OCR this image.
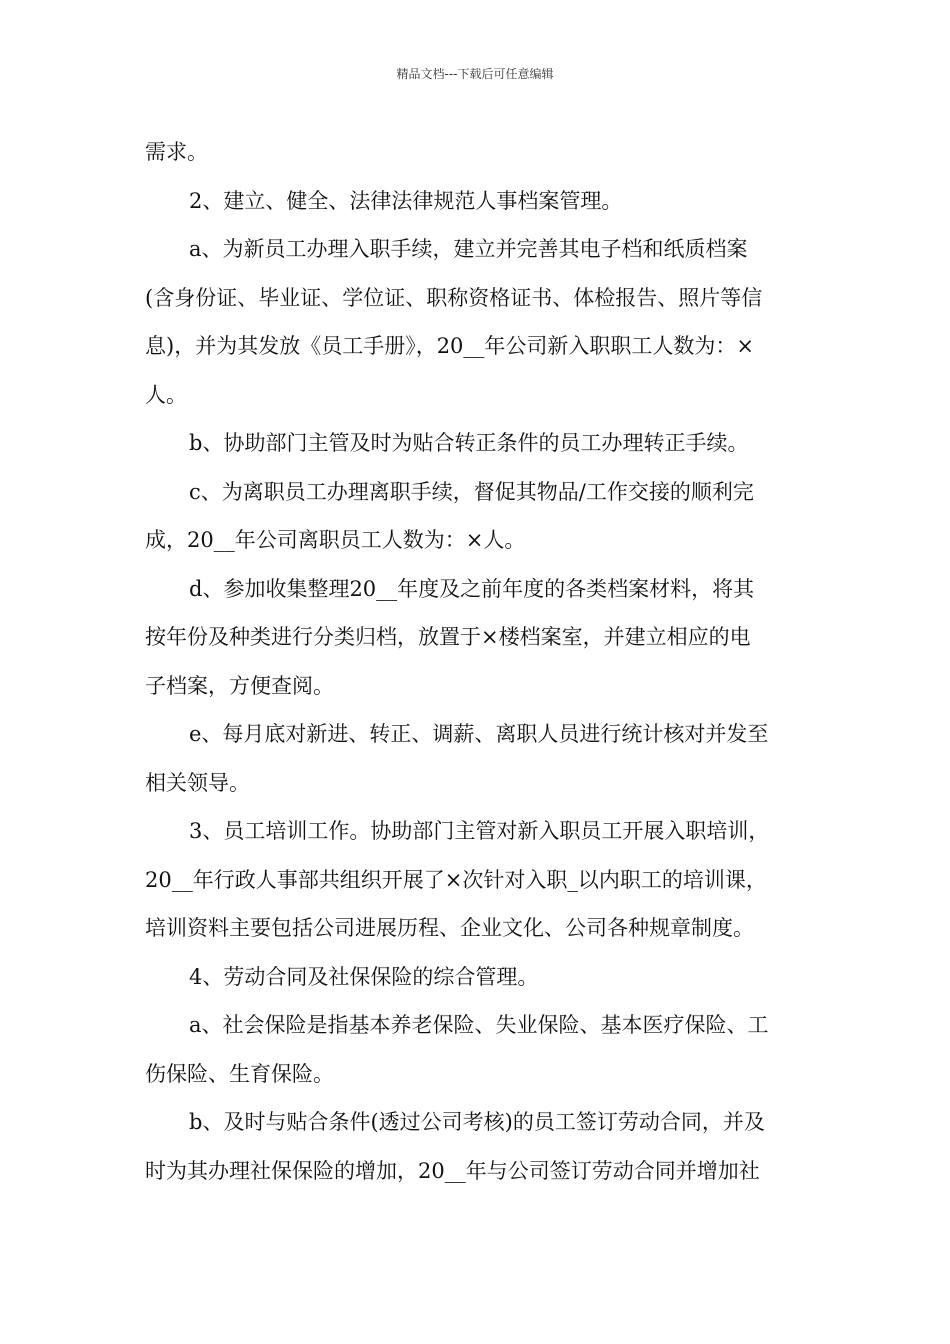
精品文档---下载后可任意编辑
需求。
2、建立、健全、法律法律规范人事档案管理。
a、为新员工办理入职手续，建立并完善其电子档和纸质档案
(含身份证、毕业证、学位证、职称资格证书、体检报告、照片等信
息)，并为其发放《员工手册》，20__年公司新入职职工人数为：×
人。
b、协助部门主管及时为贴合转正条件的员工办理转正手续。
c、为离职员工办理离职手续，督促其物品/工作交接的顺利完
成，20__年公司离职员工人数为：×人。
d、参加收集整理20__年度及之前年度的各类档案材料，将其
按年份及种类进行分类归档，放置于×楼档案室，并建立相应的电
子档案，方便查阅。
e、每月底对新进、转正、调薪、离职人员进行统计核对并发至
相关领导。
3、员工培训工作。协助部门主管对新入职员工开展入职培训，
20__年行政人事部共组织开展了×次针对入职_以内职工的培训课，
培训资料主要包括公司进展历程、企业文化、公司各种规章制度。
4、劳动合同及社保保险的综合管理。
a、社会保险是指基本养老保险、失业保险、基本医疗保险、工
伤保险、生育保险。
b、及时与贴合条件(透过公司考核)的员工签订劳动合同，并及
时为其办理社保保险的增加，20__年与公司签订劳动合同并增加社
